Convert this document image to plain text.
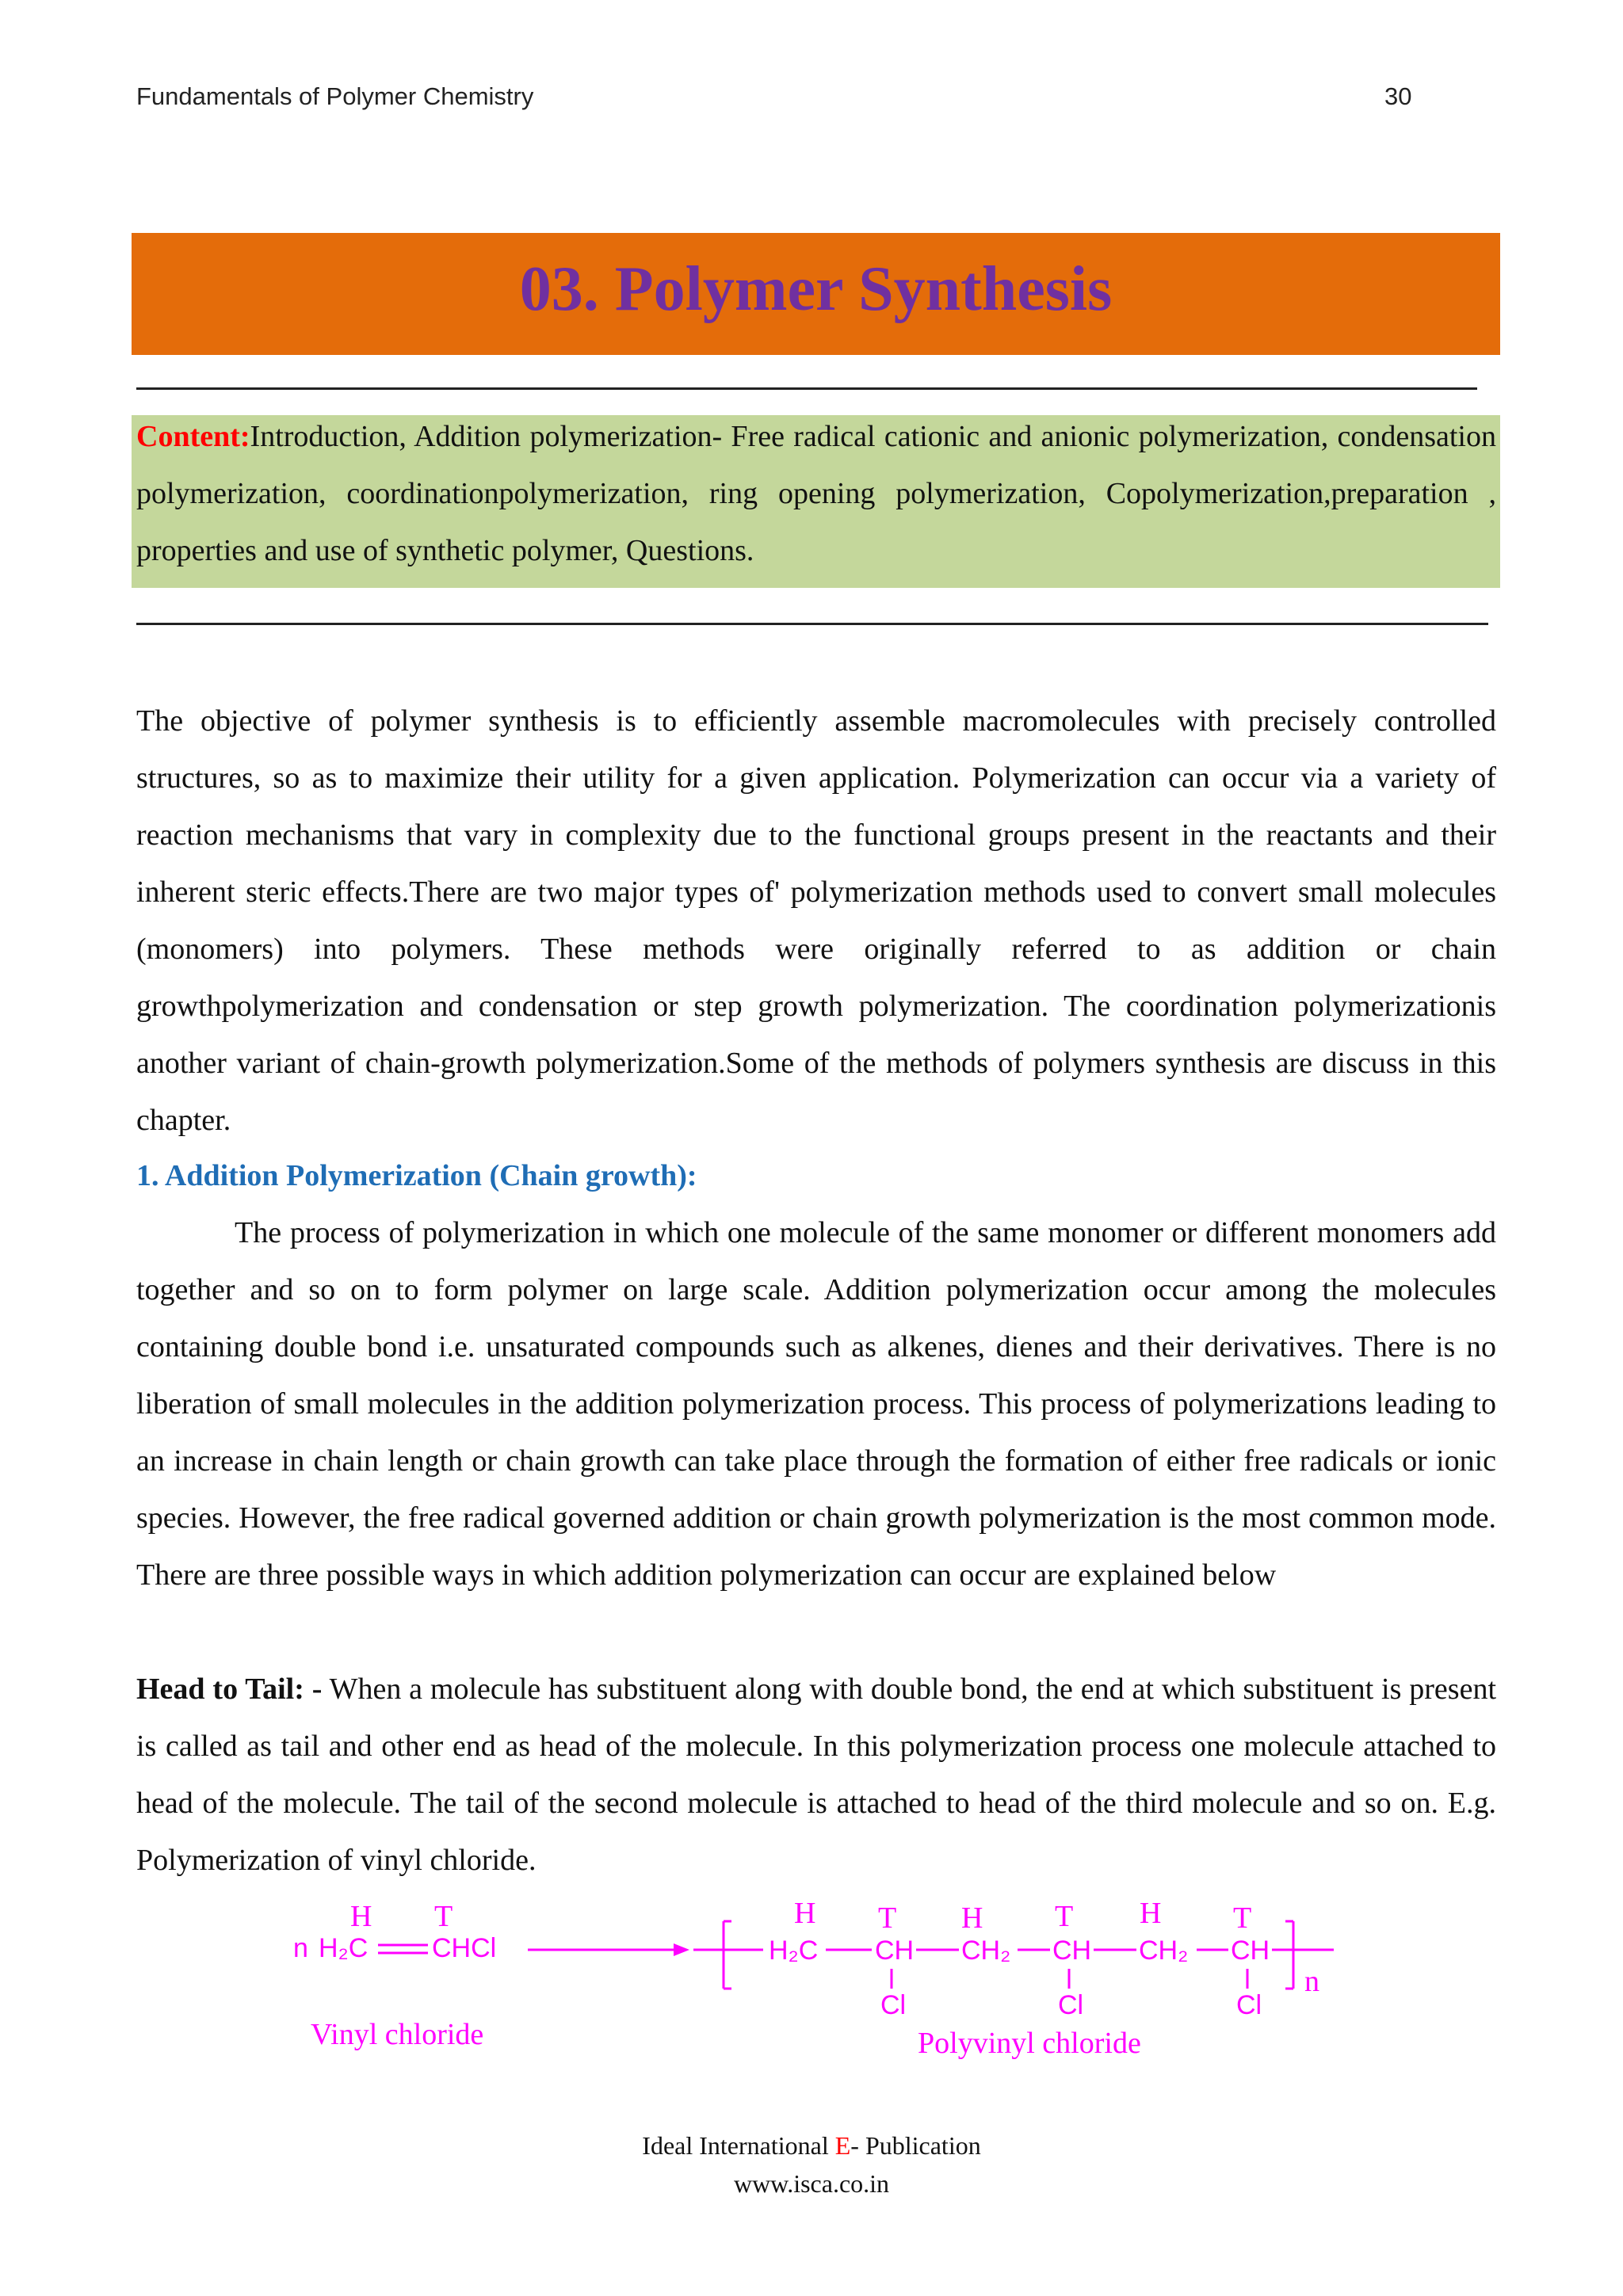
Fundamentals of Polymer Chemistry	30
03. Polymer Synthesis

Content:Introduction, Addition polymerization- Free radical cationic and anionic polymerization, condensation polymerization, coordinationpolymerization, ring opening polymerization, Copolymerization,preparation , properties and use of synthetic polymer, Questions.

The objective of polymer synthesis is to efficiently assemble macromolecules with precisely controlled structures, so as to maximize their utility for a given application. Polymerization can occur via a variety of reaction mechanisms that vary in complexity due to the functional groups present in the reactants and their inherent steric effects.There are two major types of' polymerization methods used to convert small molecules (monomers) into polymers. These methods were originally referred to as addition or chain growthpolymerization and condensation or step growth polymerization. The coordination polymerizationis another variant of chain-growth polymerization.Some of the methods of polymers synthesis are discuss in this chapter.

1. Addition Polymerization (Chain growth):

The process of polymerization in which one molecule of the same monomer or different monomers add together and so on to form polymer on large scale. Addition polymerization occur among the molecules containing double bond i.e. unsaturated compounds such as alkenes, dienes and their derivatives. There is no liberation of small molecules in the addition polymerization process. This process of polymerizations leading to an increase in chain length or chain growth can take place through the formation of either free radicals or ionic species. However, the free radical governed addition or chain growth polymerization is the most common mode. There are three possible ways in which addition polymerization can occur are explained below

Head to Tail: - When a molecule has substituent along with double bond, the end at which substituent is present is called as tail and other end as head of the molecule. In this polymerization process one molecule attached to head of the molecule. The tail of the second molecule is attached to head of the third molecule and so on. E.g. Polymerization of vinyl chloride.

H T
n H₂C CHCl
Vinyl chloride
H T H T H T
H₂C CH CH₂ CH CH₂ CH
Cl	Cl	Cl
n
Polyvinyl chloride
Ideal International E- Publication
www.isca.co.in
